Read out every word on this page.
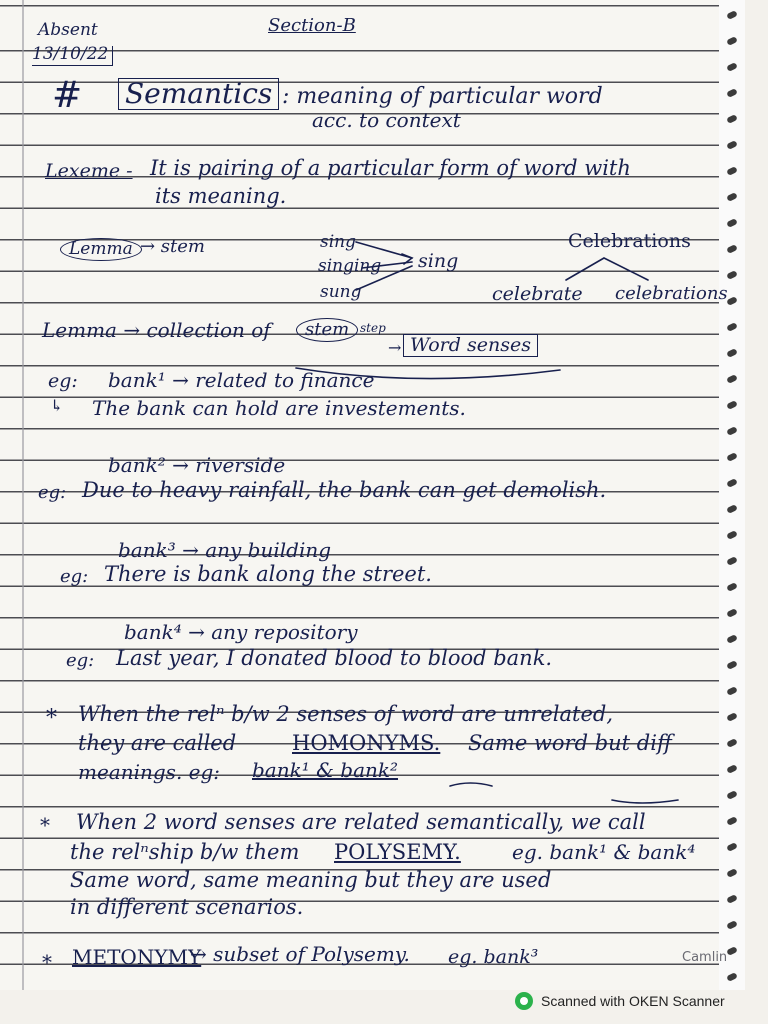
Absent
13/10/22
Section-B
# Semantics : meaning of particular word
acc. to context
Lexeme - It is pairing of a particular form of word with
its meaning.
Lemma → stem	sing
singing
sung
sing
Celebrations
celebrate celebrations
Lemma → collection of	stem step
→ Word senses
eg: bank¹ → related to finance
↳ The bank can hold are investements.
bank² → riverside
eg: Due to heavy rainfall, the bank can get demolish.
bank³ → any building
eg: There is bank along the street.
bank⁴ → any repository
eg: Last year, I donated blood to blood bank.
* When the relⁿ b/w 2 senses of word are unrelated,
they are called	HOMONYMS. Same word but diff
meanings. eg: bank¹ & bank²
* When 2 word senses are related semantically, we call
the relⁿship b/w them POLYSEMY.	eg. bank¹ & bank⁴
Same word, same meaning but they are used
in different scenarios.
* METONYMY
→ subset of Polysemy. eg. bank³	Camlin
Scanned with OKEN Scanner
